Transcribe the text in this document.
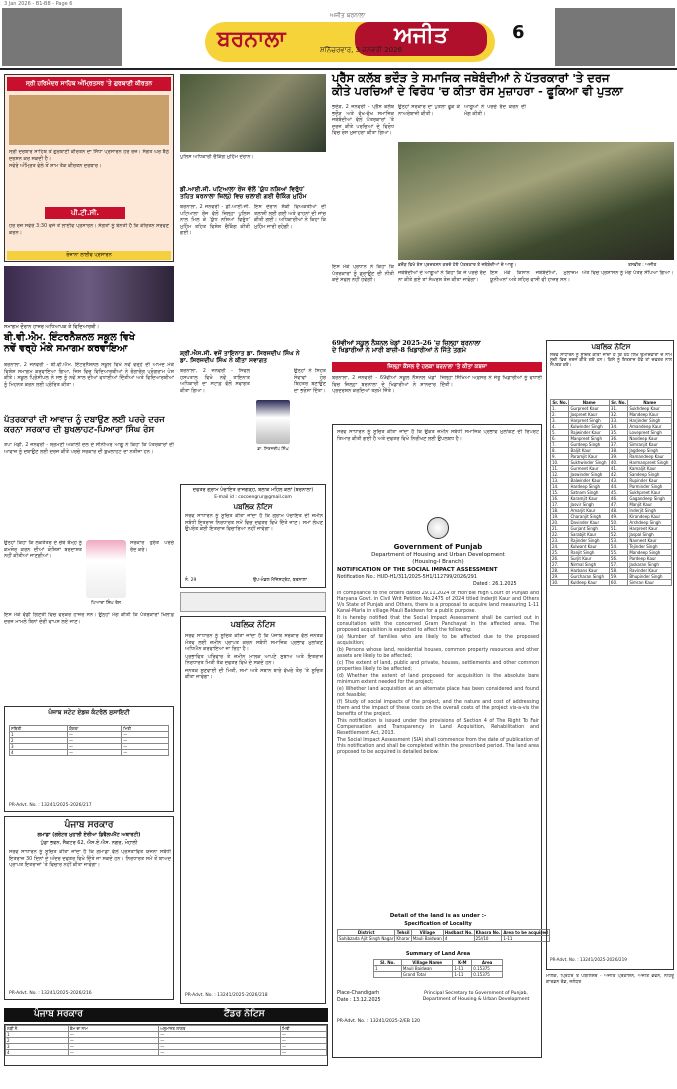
3 Jan 2026 - B1-B8 - Page 6
ਅਜੀਤ ਬਰਨਾਲਾ
ਬਰਨਾਲਾ	ਅਜੀਤ
ਸ਼ਨਿੱਚਰਵਾਰ, 3 ਜਨਵਰੀ 2026
6
ਸ੍ਰੀ ਹਰਿਮੰਦਰ ਸਾਹਿਬ ਅੰਮ੍ਰਿਤਸਰ 'ਤੇ ਗੁਰਬਾਣੀ ਕੀਰਤਨ

ਸ੍ਰੀ ਦਰਬਾਰ ਸਾਹਿਬ ਤੋਂ ਗੁਰਬਾਣੀ ਕੀਰਤਨ ਦਾ ਸਿੱਧਾ ਪ੍ਰਸਾਰਨ ਹਰ ਰੋਜ਼। ਸੰਗਤ ਘਰ ਬੈਠੇ ਦਰਸ਼ਨ ਕਰ ਸਕਦੀ ਹੈ।

ਸਵੇਰੇ ਅੰਮ੍ਰਿਤ ਵੇਲੇ ਤੋਂ ਸ਼ਾਮ ਤੱਕ ਕੀਰਤਨ ਦਰਬਾਰ।

ਪੀ.ਟੀ.ਸੀ.

ਹਰ ਰੋਜ਼ ਸਵੇਰੇ 3:30 ਵਜੇ ਤੋਂ ਲਾਈਵ ਪ੍ਰਸਾਰਨ। ਸੰਗਤਾਂ ਨੂੰ ਬੇਨਤੀ ਹੈ ਕਿ ਕੀਰਤਨ ਸਰਵਣ ਕਰਨ।

ਰੋਜ਼ਾਨਾ ਲਾਈਵ ਪ੍ਰਸਾਰਨ
ਸਮਾਗਮ ਦੌਰਾਨ ਹਾਜ਼ਰ ਅਧਿਆਪਕ ਤੇ ਵਿਦਿਆਰਥੀ।
ਬੀ.ਵੀ.ਐਮ. ਇੰਟਰਨੈਸ਼ਨਲ ਸਕੂਲ ਵਿਖੇ
ਨਵੇਂ ਵਰ੍ਹੇ ਮੌਕੇ ਸਮਾਗਮ ਕਰਵਾਇਆ

ਬਰਨਾਲਾ, 2 ਜਨਵਰੀ - ਬੀ.ਵੀ.ਐਮ. ਇੰਟਰਨੈਸ਼ਨਲ ਸਕੂਲ ਵਿਖੇ ਨਵੇਂ ਵਰ੍ਹੇ ਦੀ ਆਮਦ ਮੌਕੇ ਵਿਸ਼ੇਸ਼ ਸਮਾਗਮ ਕਰਵਾਇਆ ਗਿਆ, ਜਿਸ ਵਿਚ ਵਿਦਿਆਰਥੀਆਂ ਨੇ ਰੰਗਾਰੰਗ ਪ੍ਰੋਗਰਾਮ ਪੇਸ਼ ਕੀਤੇ। ਸਕੂਲ ਪ੍ਰਿੰਸੀਪਲ ਨੇ ਸਭ ਨੂੰ ਨਵੇਂ ਸਾਲ ਦੀਆਂ ਵਧਾਈਆਂ ਦਿੱਤੀਆਂ ਅਤੇ ਵਿਦਿਆਰਥੀਆਂ ਨੂੰ ਮਿਹਨਤ ਕਰਨ ਲਈ ਪ੍ਰੇਰਿਤ ਕੀਤਾ।

ਪੱਤਰਕਾਰਾਂ ਦੀ ਆਵਾਜ਼ ਨੂੰ ਦਬਾਉਣ ਲਈ ਪਰਚੇ ਦਰਜ
ਕਰਨਾ ਸਰਕਾਰ ਦੀ ਬੁਖਲਾਹਟ-ਪਿਆਰਾ ਸਿੰਘ ਰੋਸ

ਤਪਾ ਮੰਡੀ, 2 ਜਨਵਰੀ - ਸ਼੍ਰੋਮਣੀ ਅਕਾਲੀ ਦਲ ਦੇ ਸੀਨੀਅਰ ਆਗੂ ਨੇ ਕਿਹਾ ਕਿ ਪੱਤਰਕਾਰਾਂ ਦੀ ਆਵਾਜ਼ ਨੂੰ ਦਬਾਉਣ ਲਈ ਦਰਜ ਕੀਤੇ ਪਰਚੇ ਸਰਕਾਰ ਦੀ ਬੁਖਲਾਹਟ ਦਾ ਨਤੀਜਾ ਹਨ।

ਪਿਆਰਾ ਸਿੰਘ ਰੋਸ

ਉਨ੍ਹਾਂ ਕਿਹਾ ਕਿ ਲੋਕਤੰਤਰ ਦੇ ਚੌਥੇ ਥੰਮ੍ਹ ਨੂੰ ਕਮਜ਼ੋਰ ਕਰਨ ਦੀਆਂ ਕੋਸ਼ਿਸ਼ਾਂ ਬਰਦਾਸ਼ਤ ਨਹੀਂ ਕੀਤੀਆਂ ਜਾਣਗੀਆਂ।

ਸਰਕਾਰ ਤੁਰੰਤ ਪਰਚੇ ਰੱਦ ਕਰੇ।

ਇਸ ਮੌਕੇ ਵੱਡੀ ਗਿਣਤੀ ਵਿਚ ਵਰਕਰ ਹਾਜ਼ਰ ਸਨ। ਉਨ੍ਹਾਂ ਮੰਗ ਕੀਤੀ ਕਿ ਪੱਤਰਕਾਰਾਂ ਖ਼ਿਲਾਫ਼ ਦਰਜ ਮਾਮਲੇ ਬਿਨਾਂ ਦੇਰੀ ਵਾਪਸ ਲਏ ਜਾਣ।

ਪੰਜਾਬ ਸਟੇਟ ਏਡਜ਼ ਕੰਟਰੋਲ ਸੁਸਾਇਟੀ
ਸਥਿਤੀ	ਯੋਗਤਾ	ਮਿਤੀ
1	—	—
2	—	—
3	—	—
4	—	—
PR-Advt. No. : 13241/2025-2026/217
ਪੰਜਾਬ ਸਰਕਾਰ
ਗਮਾਡਾ (ਗਰੇਟਰ ਮੁਹਾਲੀ ਏਰੀਆ ਡਿਵੈਲਪਮੈਂਟ ਅਥਾਰਟੀ)
ਪੁੱਡਾ ਭਵਨ, ਸੈਕਟਰ 62, ਐਸ.ਏ.ਐਸ. ਨਗਰ, ਮੋਹਾਲੀ

ਸਰਵ ਸਾਧਾਰਨ ਨੂੰ ਸੂਚਿਤ ਕੀਤਾ ਜਾਂਦਾ ਹੈ ਕਿ ਗਮਾਡਾ ਵੱਲੋਂ ਪ੍ਰਸਤਾਵਿਤ ਯੋਜਨਾ ਸਬੰਧੀ ਇਤਰਾਜ਼ 30 ਦਿਨਾਂ ਦੇ ਅੰਦਰ ਦਫਤਰ ਵਿਖੇ ਦਿੱਤੇ ਜਾ ਸਕਦੇ ਹਨ। ਨਿਰਧਾਰਤ ਸਮੇਂ ਤੋਂ ਬਾਅਦ ਪ੍ਰਾਪਤ ਇਤਰਾਜ਼ਾਂ 'ਤੇ ਵਿਚਾਰ ਨਹੀਂ ਕੀਤਾ ਜਾਵੇਗਾ।

PR-Advt. No. : 13241/2025-2026/216
ਪੁਲਿਸ ਅਧਿਕਾਰੀ ਚੈਕਿੰਗ ਮੁਹਿੰਮ ਦੌਰਾਨ।
ਡੀ.ਆਈ.ਜੀ. ਪਟਿਆਲਾ ਰੇਂਜ ਵੱਲੋਂ 'ਯੁੱਧ ਨਸ਼ਿਆਂ ਵਿਰੁੱਧ'
ਤਹਿਤ ਬਰਨਾਲਾ ਜ਼ਿਲ੍ਹੇ ਵਿਚ ਚਲਾਈ ਗਈ ਚੈਕਿੰਗ ਮੁਹਿੰਮ

ਬਰਨਾਲਾ, 2 ਜਨਵਰੀ - ਡੀ.ਆਈ.ਜੀ. ਪਟਿਆਲਾ ਰੇਂਜ ਵੱਲੋਂ ਜ਼ਿਲ੍ਹਾ ਪੁਲਿਸ ਨਾਲ ਮਿਲ ਕੇ 'ਯੁੱਧ ਨਸ਼ਿਆਂ ਵਿਰੁੱਧ' ਮੁਹਿੰਮ ਤਹਿਤ ਵਿਸ਼ੇਸ਼ ਚੈਕਿੰਗ ਕੀਤੀ ਗਈ।

ਇਸ ਦੌਰਾਨ ਸ਼ੱਕੀ ਵਿਅਕਤੀਆਂ ਦੀ ਤਲਾਸ਼ੀ ਲਈ ਗਈ ਅਤੇ ਵਾਹਨਾਂ ਦੀ ਜਾਂਚ ਕੀਤੀ ਗਈ। ਅਧਿਕਾਰੀਆਂ ਨੇ ਕਿਹਾ ਕਿ ਮੁਹਿੰਮ ਜਾਰੀ ਰਹੇਗੀ।

ਸ਼੍ਰੀ.ਐਸ.ਸੀ. ਵਜੋਂ ਤਾਇਨਾਤ ਡਾ. ਸਿਰਜਦੀਪ ਸਿੰਘ ਨੇ
ਡਾ. ਸਿਰਜਦੀਪ ਸਿੰਘ ਨੇ ਕੀਤਾ ਸਵਾਗਤ

ਬਰਨਾਲਾ, 2 ਜਨਵਰੀ - ਸਿਵਲ ਹਸਪਤਾਲ ਵਿਖੇ ਨਵੇਂ ਤਾਇਨਾਤ ਅਧਿਕਾਰੀ ਦਾ ਸਟਾਫ਼ ਵੱਲੋਂ ਸਵਾਗਤ ਕੀਤਾ ਗਿਆ।

ਡਾ. ਸਿਰਜਦੀਪ ਸਿੰਘ

ਉਨ੍ਹਾਂ ਨੇ ਸਿਹਤ ਸੇਵਾਵਾਂ ਹੋਰ ਬਿਹਤਰ ਬਣਾਉਣ ਦਾ ਭਰੋਸਾ ਦਿੱਤਾ।

ਦਫਤਰ ਗ੍ਰਾਮ ਪੰਚਾਇਤ ਰਾਜਗੜ੍ਹ, ਬਲਾਕ ਮਹਿਲ ਕਲਾਂ (ਬਰਨਾਲਾ)
E-mail id : cocoengrur@gmail.com
ਪਬਲਿਕ ਨੋਟਿਸ

ਸਰਵ ਸਾਧਾਰਨ ਨੂੰ ਸੂਚਿਤ ਕੀਤਾ ਜਾਂਦਾ ਹੈ ਕਿ ਗ੍ਰਾਮ ਪੰਚਾਇਤ ਦੀ ਜ਼ਮੀਨ ਸਬੰਧੀ ਇਤਰਾਜ਼ ਨਿਰਧਾਰਤ ਸਮੇਂ ਵਿਚ ਦਫਤਰ ਵਿਖੇ ਦਿੱਤੇ ਜਾਣ। ਸਮਾਂ ਲੰਘਣ ਉਪਰੰਤ ਕੋਈ ਇਤਰਾਜ਼ ਵਿਚਾਰਿਆ ਨਹੀਂ ਜਾਵੇਗਾ।

ਨੰ. 29	ਉਪ-ਮੰਡਲ ਮੈਜਿਸਟ੍ਰੇਟ, ਬਰਨਾਲਾ
ਪਬਲਿਕ ਨੋਟਿਸ

ਸਰਵ ਸਾਧਾਰਨ ਨੂੰ ਸੂਚਿਤ ਕੀਤਾ ਜਾਂਦਾ ਹੈ ਕਿ ਪੰਜਾਬ ਸਰਕਾਰ ਵੱਲੋਂ ਜਨਤਕ ਮੰਤਵ ਲਈ ਜ਼ਮੀਨ ਪ੍ਰਾਪਤ ਕਰਨ ਸਬੰਧੀ ਸਮਾਜਿਕ ਪ੍ਰਭਾਵ ਮੁਲਾਂਕਣ ਅਧਿਐਨ ਕਰਵਾਇਆ ਜਾ ਰਿਹਾ ਹੈ।

ਪ੍ਰਭਾਵਿਤ ਪਰਿਵਾਰ ਤੇ ਜ਼ਮੀਨ ਮਾਲਕ ਆਪਣੇ ਸੁਝਾਅ ਅਤੇ ਇਤਰਾਜ਼ ਨਿਰਧਾਰਤ ਮਿਤੀ ਤੱਕ ਦਫਤਰ ਵਿਖੇ ਦੇ ਸਕਦੇ ਹਨ।

ਜਨਤਕ ਸੁਣਵਾਈ ਦੀ ਮਿਤੀ, ਸਮਾਂ ਅਤੇ ਸਥਾਨ ਬਾਰੇ ਵੱਖਰੇ ਤੌਰ 'ਤੇ ਸੂਚਿਤ ਕੀਤਾ ਜਾਵੇਗਾ।

PR-Advt. No. : 13241/2025-2026/218
ਪ੍ਰੈੱਸ ਕਲੱਬ ਭਦੌੜ ਤੇ ਸਮਾਜਿਕ ਜਥੇਬੰਦੀਆਂ ਨੇ ਪੱਤਰਕਾਰਾਂ 'ਤੇ ਦਰਜ
ਕੀਤੇ ਪਰਚਿਆਂ ਦੇ ਵਿਰੋਧ 'ਚ ਕੀਤਾ ਰੋਸ ਮੁਜ਼ਾਹਰਾ - ਫੂਕਿਆ ਵੀ ਪੁਤਲਾ

ਭਦੌੜ, 2 ਜਨਵਰੀ - ਪ੍ਰੈੱਸ ਕਲੱਬ ਭਦੌੜ ਅਤੇ ਵੱਖ-ਵੱਖ ਸਮਾਜਿਕ ਜਥੇਬੰਦੀਆਂ ਵੱਲੋਂ ਪੱਤਰਕਾਰਾਂ 'ਤੇ ਦਰਜ ਕੀਤੇ ਪਰਚਿਆਂ ਦੇ ਵਿਰੋਧ ਵਿਚ ਰੋਸ ਮੁਜ਼ਾਹਰਾ ਕੀਤਾ ਗਿਆ।

ਉਨ੍ਹਾਂ ਸਰਕਾਰ ਦਾ ਪੁਤਲਾ ਫੂਕ ਕੇ ਨਾਅਰੇਬਾਜ਼ੀ ਕੀਤੀ।

ਆਗੂਆਂ ਨੇ ਪਰਚੇ ਰੱਦ ਕਰਨ ਦੀ ਮੰਗ ਕੀਤੀ।

ਭਦੌੜ ਵਿਖੇ ਰੋਸ ਪ੍ਰਦਰਸ਼ਨ ਕਰਦੇ ਹੋਏ ਪੱਤਰਕਾਰ ਤੇ ਜਥੇਬੰਦੀਆਂ ਦੇ ਆਗੂ।	ਤਸਵੀਰ : ਅਜੀਤ

ਇਸ ਮੌਕੇ ਪ੍ਰਧਾਨ ਨੇ ਕਿਹਾ ਕਿ ਪੱਤਰਕਾਰਾਂ ਨੂੰ ਡਰਾਉਣ ਦੀ ਨੀਤੀ ਕਦੇ ਸਫਲ ਨਹੀਂ ਹੋਵੇਗੀ।

ਜਥੇਬੰਦੀਆਂ ਦੇ ਆਗੂਆਂ ਨੇ ਕਿਹਾ ਕਿ ਜੇ ਪਰਚੇ ਰੱਦ ਨਾ ਕੀਤੇ ਗਏ ਤਾਂ ਸੰਘਰਸ਼ ਤੇਜ਼ ਕੀਤਾ ਜਾਵੇਗਾ।

ਇਸ ਮੌਕੇ ਕਿਸਾਨ ਜਥੇਬੰਦੀਆਂ, ਮੁਲਾਜ਼ਮ ਯੂਨੀਅਨਾਂ ਅਤੇ ਸ਼ਹਿਰ ਵਾਸੀ ਵੀ ਹਾਜ਼ਰ ਸਨ।

ਅੰਤ ਵਿਚ ਪ੍ਰਸ਼ਾਸਨ ਨੂੰ ਮੰਗ ਪੱਤਰ ਸੌਂਪਿਆ ਗਿਆ।

69ਵੀਆਂ ਸਕੂਲ ਨੈਸ਼ਨਲ ਖੇਡਾਂ 2025-26 'ਚ ਜ਼ਿਲ੍ਹਾ ਬਰਨਾਲਾ
ਦੇ ਖਿਡਾਰੀਆਂ ਨੇ ਮਾਰੀ ਬਾਜ਼ੀ-8 ਖਿਡਾਰੀਆਂ ਨੇ ਜਿੱਤੇ ਤਗਮੇ
ਜ਼ਿਲ੍ਹਾ ਕੌਂਸਲ ਦੇ ਹਲਕਾ ਬਰਨਾਲਾ 'ਤੇ ਕੀਤਾ ਕਬਜ਼ਾ

ਬਰਨਾਲਾ, 2 ਜਨਵਰੀ - 69ਵੀਆਂ ਸਕੂਲ ਨੈਸ਼ਨਲ ਖੇਡਾਂ ਵਿਚ ਜ਼ਿਲ੍ਹਾ ਬਰਨਾਲਾ ਦੇ ਖਿਡਾਰੀਆਂ ਨੇ ਸ਼ਾਨਦਾਰ ਪ੍ਰਦਰਸ਼ਨ ਕਰਦਿਆਂ ਤਗਮੇ ਜਿੱਤੇ।

ਜ਼ਿਲ੍ਹਾ ਸਿੱਖਿਆ ਅਫ਼ਸਰ ਨੇ ਜੇਤੂ ਖਿਡਾਰੀਆਂ ਨੂੰ ਵਧਾਈ ਦਿੱਤੀ।

ਸਰਵ ਸਾਧਾਰਨ ਨੂੰ ਸੂਚਿਤ ਕੀਤਾ ਜਾਂਦਾ ਹੈ ਕਿ ਉਕਤ ਜ਼ਮੀਨ ਸਬੰਧੀ ਸਮਾਜਿਕ ਪ੍ਰਭਾਵ ਮੁਲਾਂਕਣ ਦੀ ਰਿਪੋਰਟ ਤਿਆਰ ਕੀਤੀ ਗਈ ਹੈ ਅਤੇ ਦਫਤਰ ਵਿਖੇ ਨਿਰੀਖਣ ਲਈ ਉਪਲਬਧ ਹੈ।

Government of Punjab
Department of Housing and Urban Development
(Housing-I Branch)
NOTIFICATION OF THE SOCIAL IMPACT ASSESSMENT
Notification No.: HUD-H1/311/2025-5H1/112799/2026/291
Dated : 26.1.2025

In compliance to the orders dated 29.11.2024 of Hon'ble High Court of Punjab and Haryana Govt. in Civil Writ Petition No.2475 of 2024 titled Inderjit Kaur and Others V/s State of Punjab and Others, there is a proposal to acquire land measuring 1-11 Kanal-Marla in village Mauli Baidwan for a public purpose.

It is hereby notified that the Social Impact Assessment shall be carried out in consultation with the concerned Gram Panchayat in the affected area. The proposed acquisition is expected to affect the following:

(a) Number of families who are likely to be affected due to the proposed acquisition;

(b) Persons whose land, residential houses, common property resources and other assets are likely to be affected;

(c) The extent of land, public and private, houses, settlements and other common properties likely to be affected;

(d) Whether the extent of land proposed for acquisition is the absolute bare minimum extent needed for the project;

(e) Whether land acquisition at an alternate place has been considered and found not feasible;

(f) Study of social impacts of the project, and the nature and cost of addressing them and the impact of these costs on the overall costs of the project vis-a-vis the benefits of the project.

This notification is issued under the provisions of Section 4 of The Right To Fair Compensation and Transparency in Land Acquisition, Rehabilitation and Resettlement Act, 2013.

The Social Impact Assessment (SIA) shall commence from the date of publication of this notification and shall be completed within the prescribed period. The land area proposed to be acquired is detailed below.

Detail of the land is as under :-
Specification of Locality
District	Tehsil	Village	Hadbast No.	Khasra No.	Area to be acquired
Sahibzada Ajit Singh Nagar	Kharar	Mauli Baidwan	4	25//10	1-11
Summary of Land Area
Sl. No.	Village Name	K-M	Area
1	Mauli Baidwan	1-11	0.15375
	Grand Total	1-11	0.15375
Place-Chandigarh
Date : 13.12.2025
Principal Secretary to Government of Punjab, Department of Housing & Urban Development
PR-Advt. No. : 13241/2025-2/EB 120
ਪਬਲਿਕ ਨੋਟਿਸ

ਸਰਵ ਸਾਧਾਰਨ ਨੂੰ ਸੂਚਿਤ ਕੀਤਾ ਜਾਂਦਾ ਹੈ ਕਿ ਹੇਠ ਲਿਖੇ ਉਮੀਦਵਾਰਾਂ ਦੇ ਨਾਮ ਸੂਚੀ ਵਿਚ ਦਰਜ ਕੀਤੇ ਗਏ ਹਨ। ਕਿਸੇ ਨੂੰ ਇਤਰਾਜ਼ ਹੋਵੇ ਤਾਂ ਦਫਤਰ ਨਾਲ ਸੰਪਰਕ ਕਰੇ।

Sr. No.	Name	Sr. No.	Name
1.	Gurpreet Kaur	31.	Sukhdeep Kaur
2.	Jaspreet Kaur	32.	Mandeep Kaur
3.	Harpreet Singh	33.	Harjinder Singh
4.	Kulwinder Singh	34.	Amandeep Kaur
5.	Rajwinder Kaur	35.	Lovepreet Singh
6.	Manpreet Singh	36.	Navdeep Kaur
7.	Gurdeep Singh	37.	Simranjit Kaur
8.	Baljit Kaur	38.	Jagdeep Singh
9.	Paramjit Kaur	39.	Ramandeep Kaur
10.	Sukhwinder Singh	40.	Harmanpreet Singh
11.	Gurmeet Kaur	41.	Kamaljit Kaur
12.	Jaswinder Singh	42.	Sandeep Singh
13.	Balwinder Kaur	43.	Rupinder Kaur
14.	Hardeep Singh	44.	Parminder Singh
15.	Satnam Singh	45.	Sukhpreet Kaur
16.	Karamjit Kaur	46.	Gagandeep Singh
17.	Jasvir Singh	47.	Manjit Kaur
18.	Amarjit Kaur	48.	Inderjit Singh
19.	Charanjit Singh	49.	Kirandeep Kaur
20.	Davinder Kaur	50.	Arshdeep Singh
21.	Gurjant Singh	51.	Harpreet Kaur
22.	Sarabjit Kaur	52.	Jaspal Singh
23.	Rajinder Singh	53.	Navneet Kaur
24.	Kulwant Kaur	54.	Tejinder Singh
25.	Ranjit Singh	55.	Mandeep Singh
26.	Surjit Kaur	56.	Pardeep Kaur
27.	Nirmal Singh	57.	Jaskaran Singh
28.	Harbans Kaur	58.	Ravinder Kaur
29.	Gurcharan Singh	59.	Bhupinder Singh
30.	Kuldeep Kaur	60.	Simran Kaur
PR-Advt. No. : 13241/2025-2026/219
ਮਾਲਕ, ਪ੍ਰਿੰਟਰ ਤੇ ਪਬਲਿਸ਼ਰ - ਅਜੀਤ ਪ੍ਰਕਾਸ਼ਨ, ਅਜੀਤ ਭਵਨ, ਨਹਿਰੂ ਗਾਰਡਨ ਰੋਡ, ਜਲੰਧਰ
ਪੰਜਾਬ ਸਰਕਾਰ	ਟੈਂਡਰ ਨੋਟਿਸ
ਲੜੀ ਨੰ.	ਕੰਮ ਦਾ ਨਾਮ	ਅਨੁਮਾਨਤ ਲਾਗਤ	ਮਿਤੀ
1	—	—	—
2	—	—	—
3	—	—	—
4	—	—	—
